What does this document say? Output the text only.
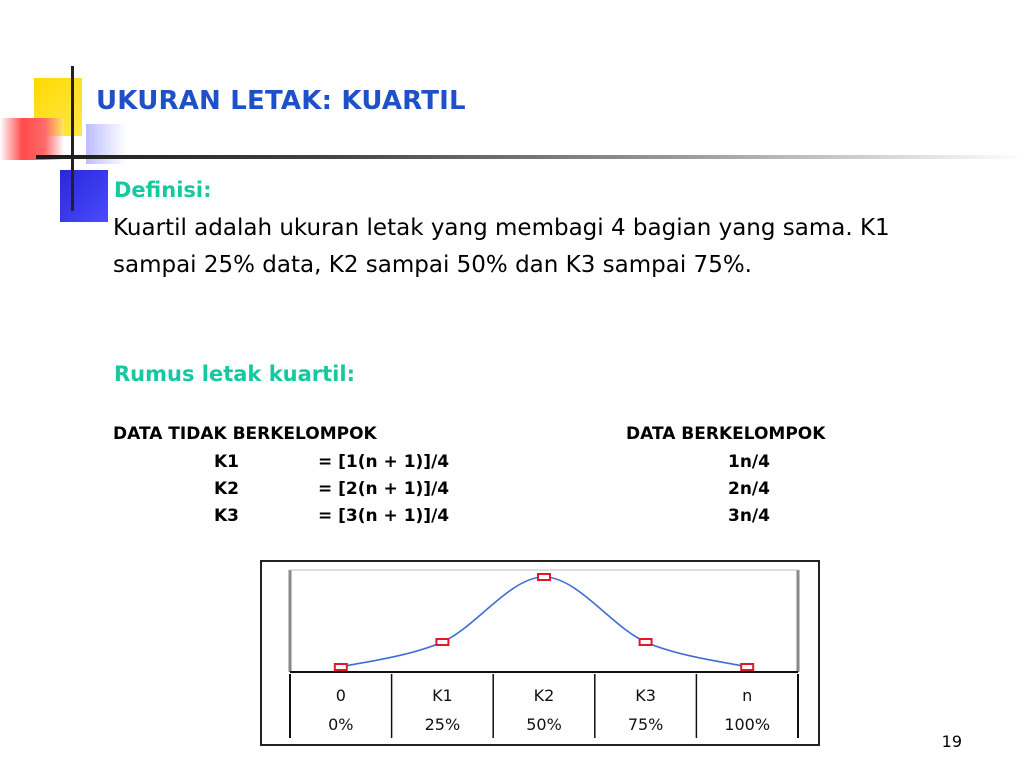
UKURAN LETAK: KUARTIL
Definisi:
Kuartil adalah ukuran letak yang membagi 4 bagian yang sama. K1 sampai 25% data, K2 sampai 50% dan K3 sampai 75%.
Rumus letak kuartil:
DATA TIDAK BERKELOMPOK	DATA BERKELOMPOK
K1	= [1(n + 1)]/4	1n/4
K2	= [2(n + 1)]/4	2n/4
K3	= [3(n + 1)]/4	3n/4
0	K1	K2	K3	n
0%	25%	50%	75%	100%
19
